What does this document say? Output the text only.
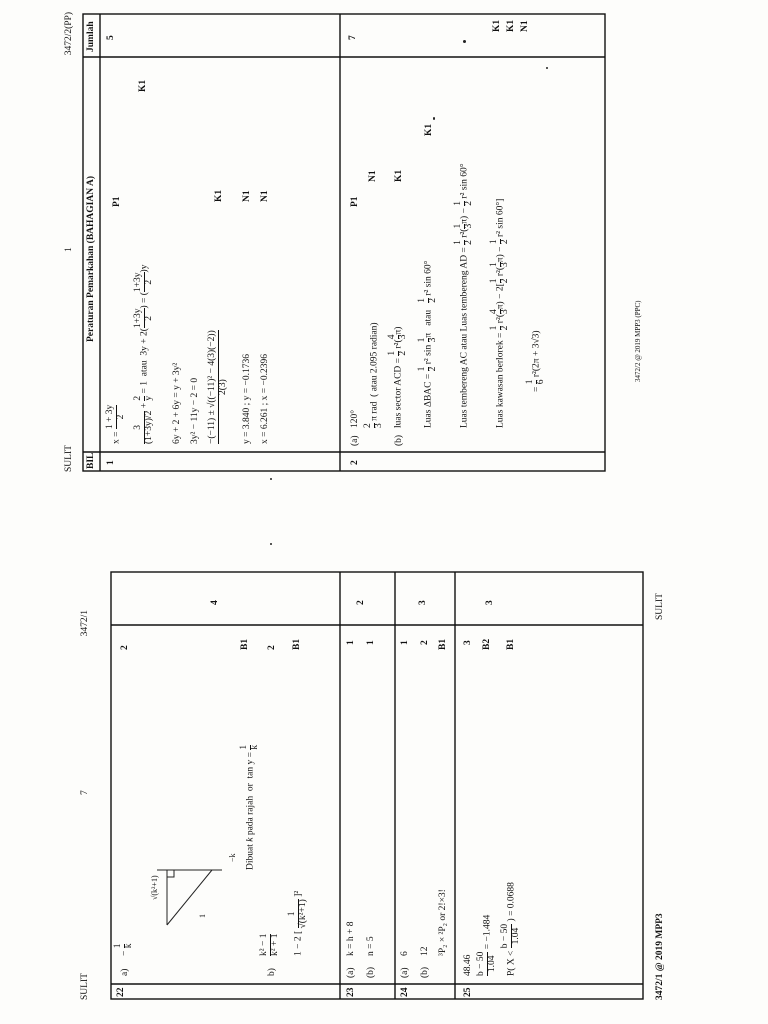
SULIT
7
3472/1
22
a)
−
1 k
2
1
√(k²+1)
−k Dibuat k pada rajah  or  tan y =
1 k
B1
b)
k² − 1 k² + 1
2
1 − 2 [
1 √(k²+1)
]²
B1
4
23
(a)
k = h + 8
1
(b)
n = 5
1
2
24
(a)
6
1
(b)
12
2
³P₂ × ²P₂ or 2!×3!
B1
3
25
48.46
3
b − 50 1.04
= −1.484
B2
P( X <
b − 50 1.04
) = 0.0688
B1
3
3472/1 @ 2019 MPP3
SULIT
SULIT
1
3472/2(PP)
BIL
Peraturan Pemarkahan (BAHAGIAN A)
Jumlah
1
x =
1 + 3y 2
P1
3 (1+3y)/2
+
2 y
= 1  atau  3y + 2(
1+3y 2
) = (
1+3y 2
)y
K1
6y + 2 + 6y = y + 3y² 3y² − 11y − 2 = 0 −(−11) ± √((−11)² − 4(3)(−2)) 2(3)
K1
y = 3.840 ; y = −0.1736
N1
x = 6.261 ; x = −0.2396
N1
5
2
(a)
120°
P1
2 3
π rad  ( atau 2.095 radian)
N1
(b)
luas sector ACD =
1 2
r²(
4 3
π)
K1
Luas ΔBAC =
1 2
r² sin
1 3
π   atau
1 2
r² sin 60°
K1
Luas tembereng AC atau Luas tembereng AD =
1 2
r²(
1 3
π) −
1 2
r² sin 60°
K1
Luas kawasan berlorek =
1 2
r²(
4 3
π) − 2[
1 2
r²(
1 3
π) −
1 2
r² sin 60°]
K1
=
1 6
r²(2π + 3√3)
N1
7
3472/2 @ 2019 MPP3 (PPC)
